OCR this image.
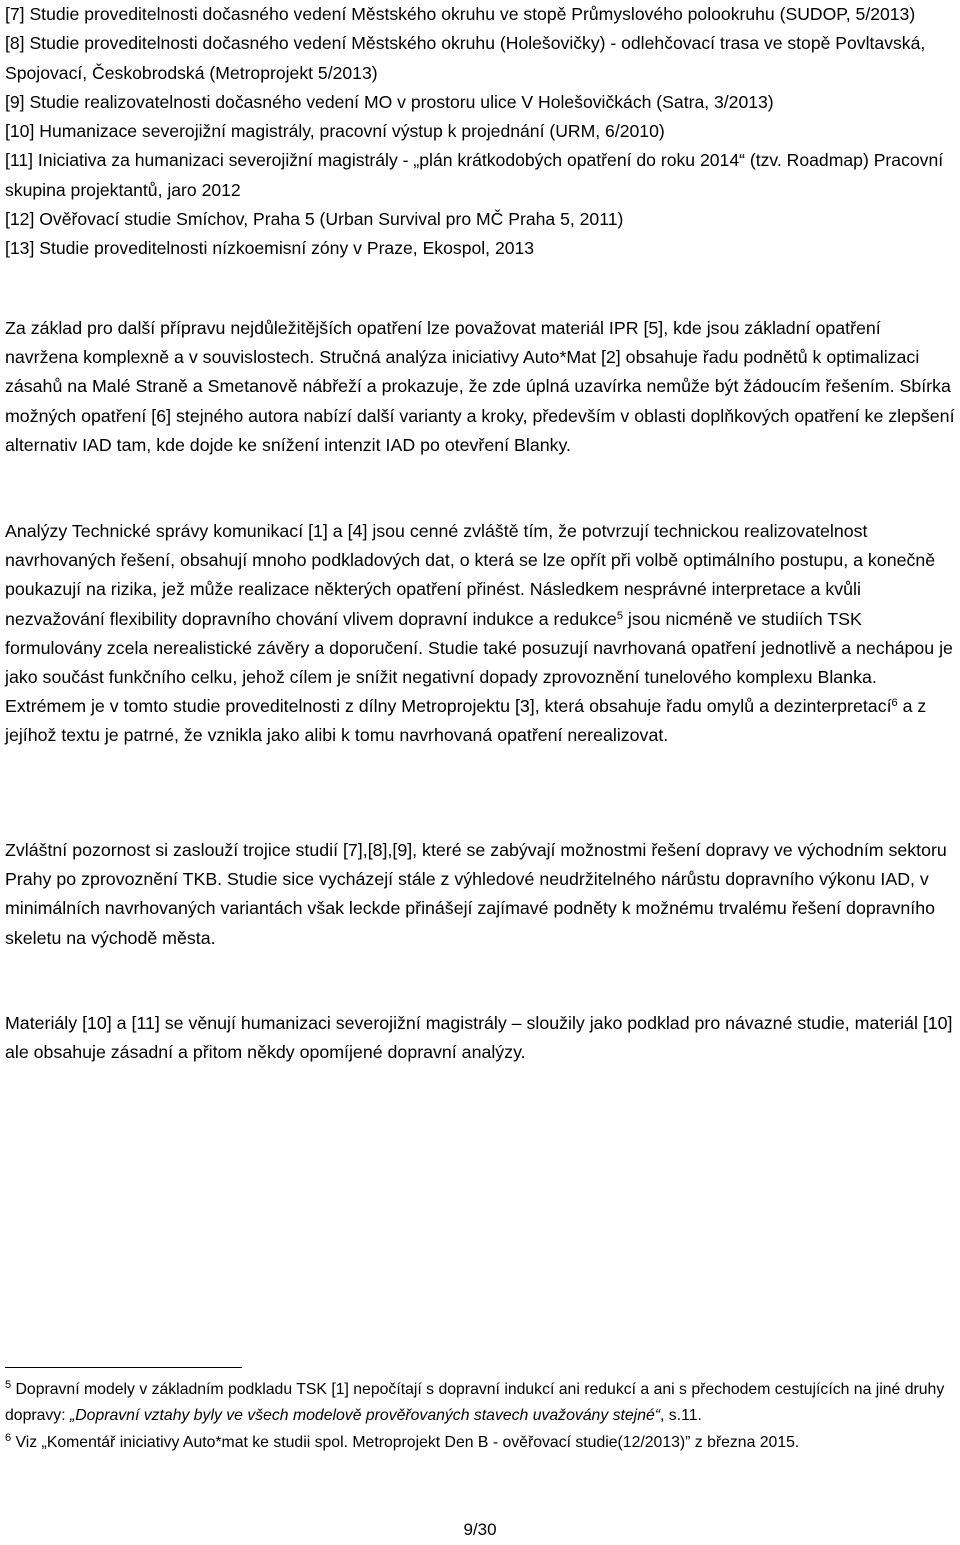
[7] Studie proveditelnosti dočasného vedení Městského okruhu ve stopě Průmyslového polookruhu (SUDOP, 5/2013)
[8] Studie proveditelnosti dočasného vedení Městského okruhu (Holešovičky) - odlehčovací trasa ve stopě Povltavská, Spojovací, Českobrodská (Metroprojekt 5/2013)
[9] Studie realizovatelnosti dočasného vedení MO v prostoru ulice V Holešovičkách (Satra, 3/2013)
[10] Humanizace severojižní magistrály, pracovní výstup k projednání (URM, 6/2010)
[11] Iniciativa za humanizaci severojižní magistrály - „plán krátkodobých opatření do roku 2014“ (tzv. Roadmap) Pracovní skupina projektantů, jaro 2012
[12] Ověřovací studie Smíchov, Praha 5 (Urban Survival pro MČ Praha 5, 2011)
[13] Studie proveditelnosti nízkoemisní zóny v Praze, Ekospol, 2013

Za základ pro další přípravu nejdůležitějších opatření lze považovat materiál IPR [5], kde jsou základní opatření navržena komplexně a v souvislostech. Stručná analýza iniciativy Auto*Mat [2] obsahuje řadu podnětů k optimalizaci zásahů na Malé Straně a Smetanově nábřeží a prokazuje, že zde úplná uzavírka nemůže být žádoucím řešením. Sbírka možných opatření [6] stejného autora nabízí další varianty a kroky, především v oblasti doplňkových opatření ke zlepšení alternativ IAD tam, kde dojde ke snížení intenzit IAD po otevření Blanky.

Analýzy Technické správy komunikací [1] a [4] jsou cenné zvláště tím, že potvrzují technickou realizovatelnost navrhovaných řešení, obsahují mnoho podkladových dat, o která se lze opřít při volbě optimálního postupu, a konečně poukazují na rizika, jež může realizace některých opatření přinést. Následkem nesprávné interpretace a kvůli nezvažování flexibility dopravního chování vlivem dopravní indukce a redukce$^5$ jsou nicméně ve studiích TSK formulovány zcela nerealistické závěry a doporučení. Studie také posuzují navrhovaná opatření jednotlivě a nechápou je jako součást funkčního celku, jehož cílem je snížit negativní dopady zprovoznění tunelového komplexu Blanka. Extrémem je v tomto studie proveditelnosti z dílny Metroprojektu [3], která obsahuje řadu omylů a dezinterpretací$^6$ a z jejíhož textu je patrné, že vznikla jako alibi k tomu navrhovaná opatření nerealizovat.

Zvláštní pozornost si zaslouží trojice studií [7],[8],[9], které se zabývají možnostmi řešení dopravy ve východním sektoru Prahy po zprovoznění TKB. Studie sice vycházejí stále z výhledové neudržitelného nárůstu dopravního výkonu IAD, v minimálních navrhovaných variantách však leckde přinášejí zajímavé podněty k možnému trvalému řešení dopravního skeletu na východě města.

Materiály [10] a [11] se věnují humanizaci severojižní magistrály – sloužily jako podklad pro návazné studie, materiál [10] ale obsahuje zásadní a přitom někdy opomíjené dopravní analýzy.

$^5$ Dopravní modely v základním podkladu TSK [1] nepočítají s dopravní indukcí ani redukcí a ani s přechodem cestujících na jiné druhy dopravy: „Dopravní vztahy byly ve všech modelově prověřovaných stavech uvažovány stejné“, s.11.
$^6$ Viz „Komentář iniciativy Auto*mat ke studii spol. Metroprojekt Den B - ověřovací studie(12/2013)” z března 2015.
9/30
